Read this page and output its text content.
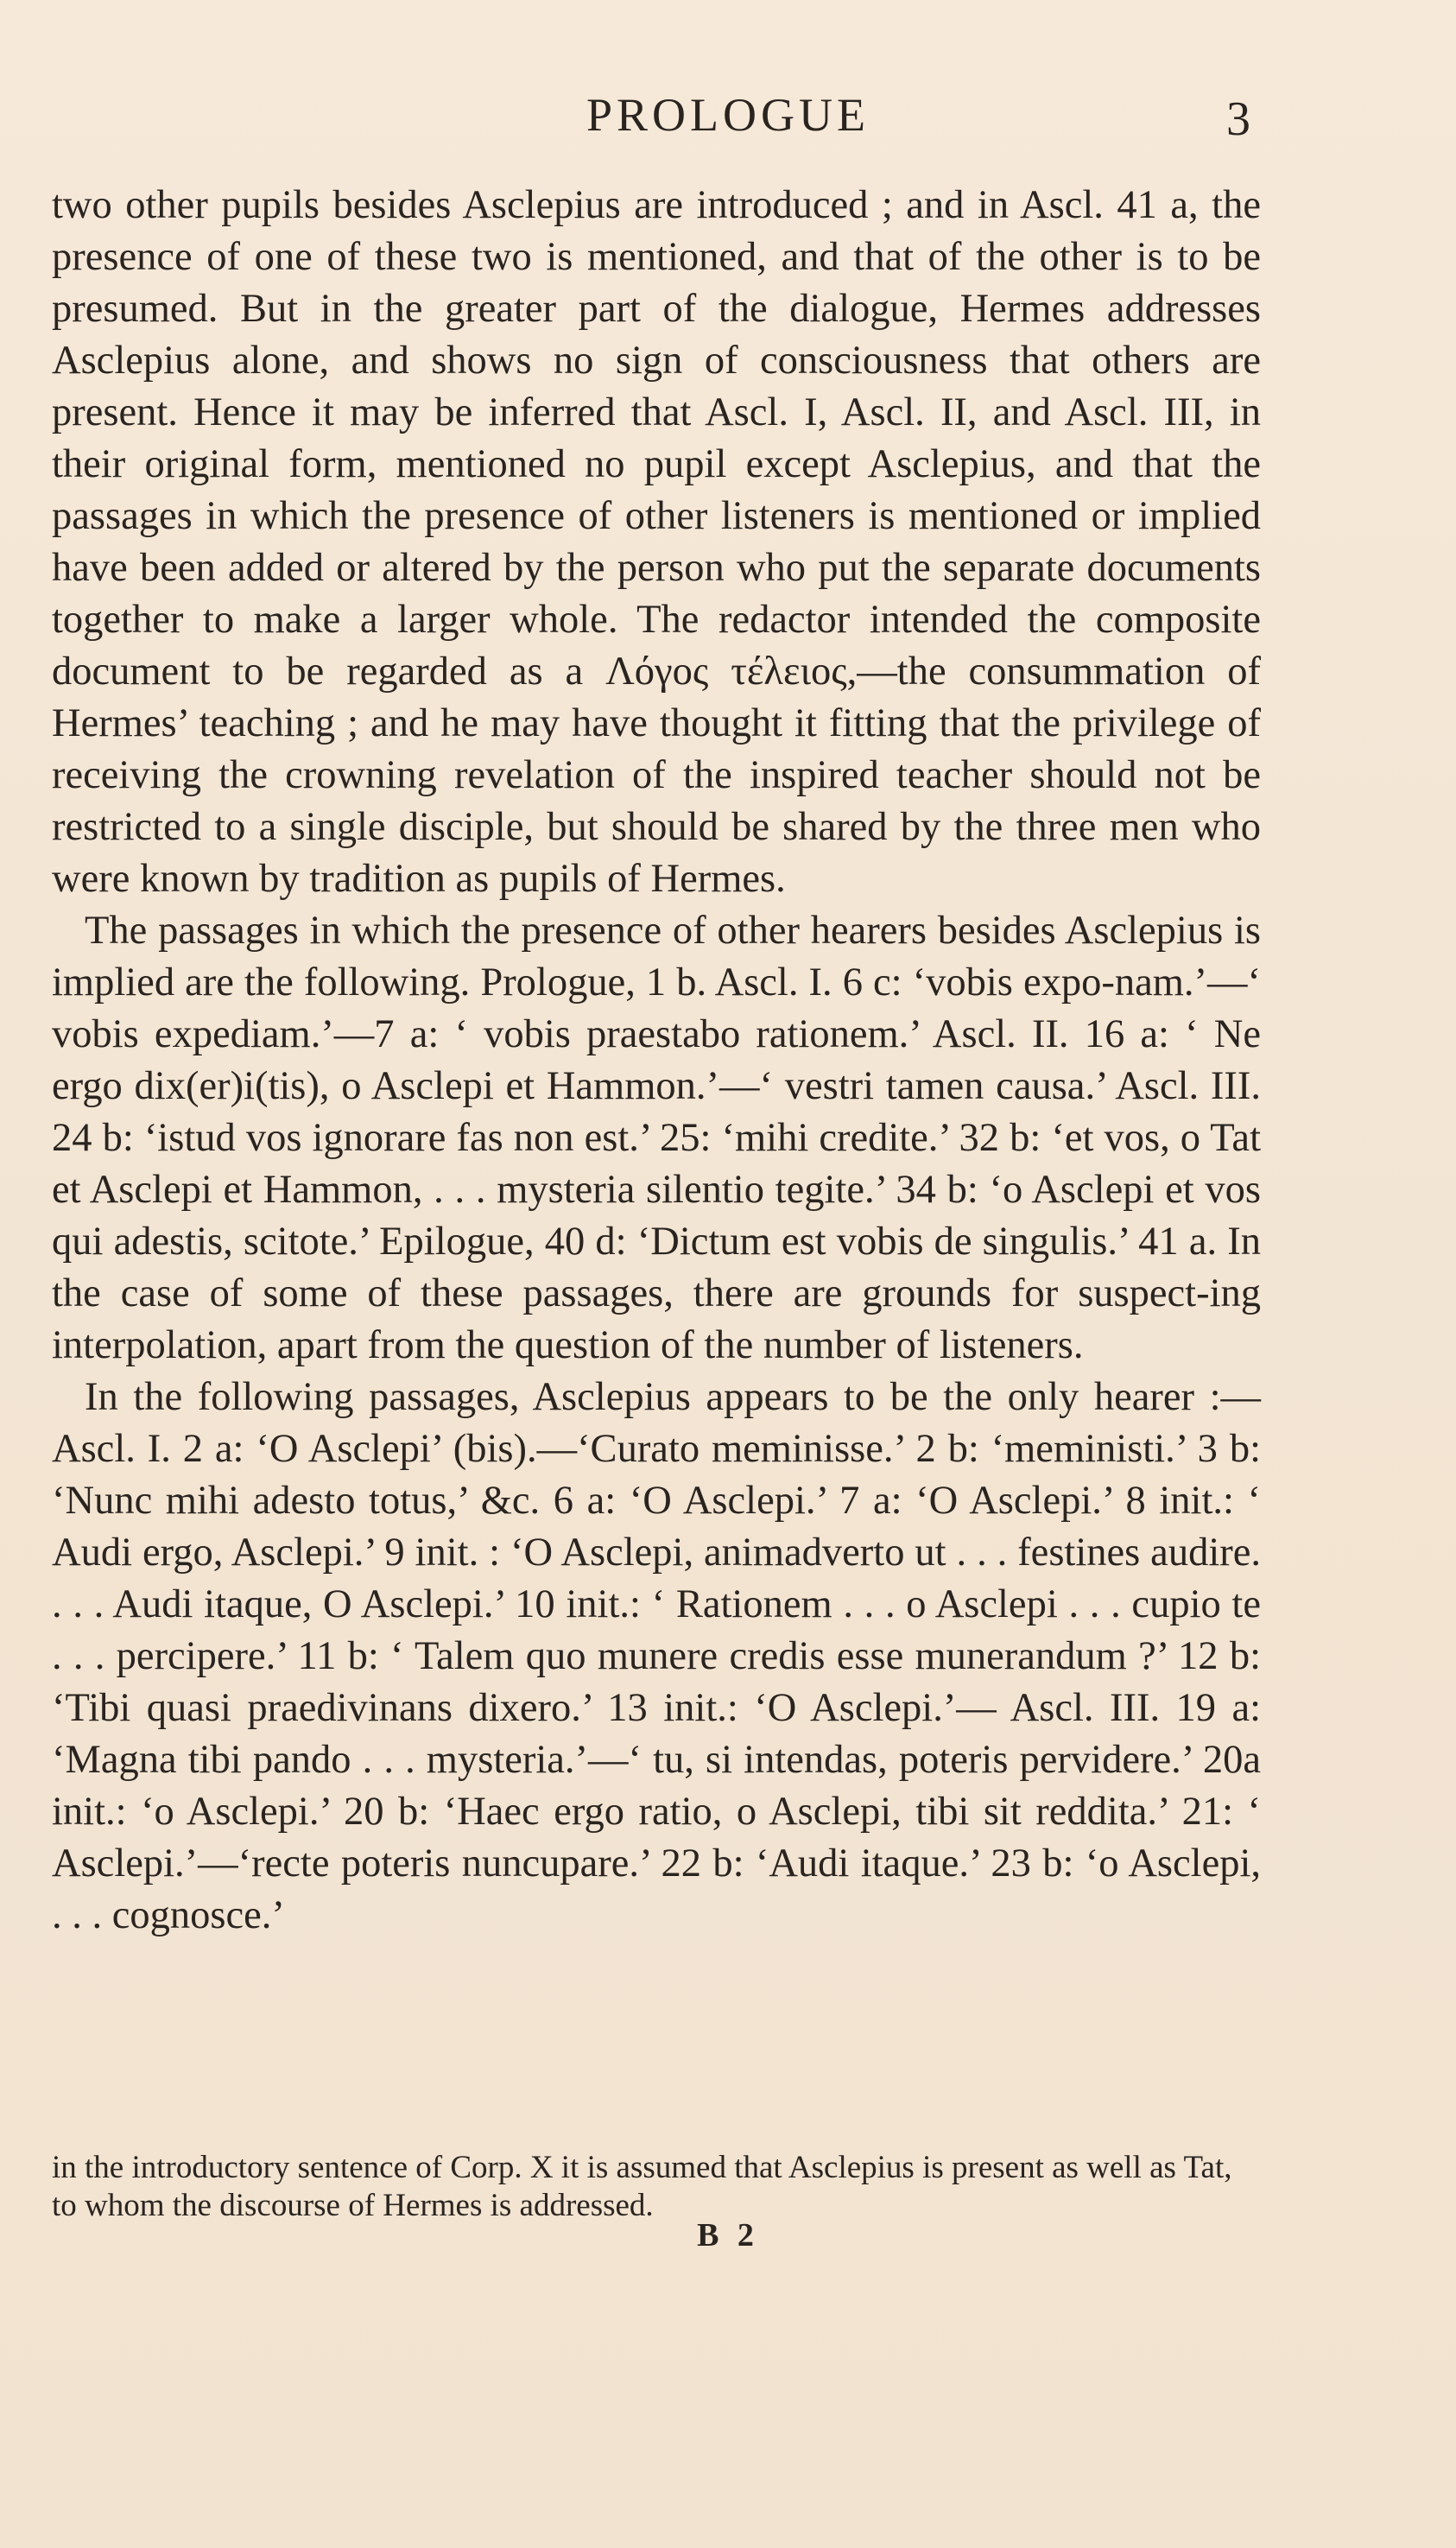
PROLOGUE	3

two other pupils besides Asclepius are introduced ; and in Ascl. 41 a, the presence of one of these two is mentioned, and that of the other is to be presumed. But in the greater part of the dialogue, Hermes addresses Asclepius alone, and shows no sign of consciousness that others are present. Hence it may be inferred that Ascl. I, Ascl. II, and Ascl. III, in their original form, mentioned no pupil except Asclepius, and that the passages in which the presence of other listeners is mentioned or implied have been added or altered by the person who put the separate documents together to make a larger whole. The redactor intended the composite document to be regarded as a Λόγος τέλειος,—the consummation of Hermes’ teaching ; and he may have thought it fitting that the privilege of receiving the crowning revelation of the inspired teacher should not be restricted to a single disciple, but should be shared by the three men who were known by tradition as pupils of Hermes.

The passages in which the presence of other hearers besides Asclepius is implied are the following. Prologue, 1 b. Ascl. I. 6 c: ‘vobis expo-nam.’—‘ vobis expediam.’—7 a: ‘ vobis praestabo rationem.’ Ascl. II. 16 a: ‘ Ne ergo dix(er)i(tis), o Asclepi et Hammon.’—‘ vestri tamen causa.’ Ascl. III. 24 b: ‘istud vos ignorare fas non est.’ 25: ‘mihi credite.’ 32 b: ‘et vos, o Tat et Asclepi et Hammon, . . . mysteria silentio tegite.’ 34 b: ‘o Asclepi et vos qui adestis, scitote.’ Epilogue, 40 d: ‘Dictum est vobis de singulis.’ 41 a. In the case of some of these passages, there are grounds for suspect-ing interpolation, apart from the question of the number of listeners.

In the following passages, Asclepius appears to be the only hearer :—Ascl. I. 2 a: ‘O Asclepi’ (bis).—‘Curato meminisse.’ 2 b: ‘meministi.’ 3 b: ‘Nunc mihi adesto totus,’ &c. 6 a: ‘O Asclepi.’ 7 a: ‘O Asclepi.’ 8 init.: ‘ Audi ergo, Asclepi.’ 9 init. : ‘O Asclepi, animadverto ut . . . festines audire. . . . Audi itaque, O Asclepi.’ 10 init.: ‘ Rationem . . . o Asclepi . . . cupio te . . . percipere.’ 11 b: ‘ Talem quo munere credis esse munerandum ?’ 12 b: ‘Tibi quasi praedivinans dixero.’ 13 init.: ‘O Asclepi.’— Ascl. III. 19 a: ‘Magna tibi pando . . . mysteria.’—‘ tu, si intendas, poteris pervidere.’ 20a init.: ‘o Asclepi.’ 20 b: ‘Haec ergo ratio, o Asclepi, tibi sit reddita.’ 21: ‘ Asclepi.’—‘recte poteris nuncupare.’ 22 b: ‘Audi itaque.’ 23 b: ‘o Asclepi, . . . cognosce.’

in the introductory sentence of Corp. X it is assumed that Asclepius is present as well as Tat, to whom the discourse of Hermes is addressed.

B 2
